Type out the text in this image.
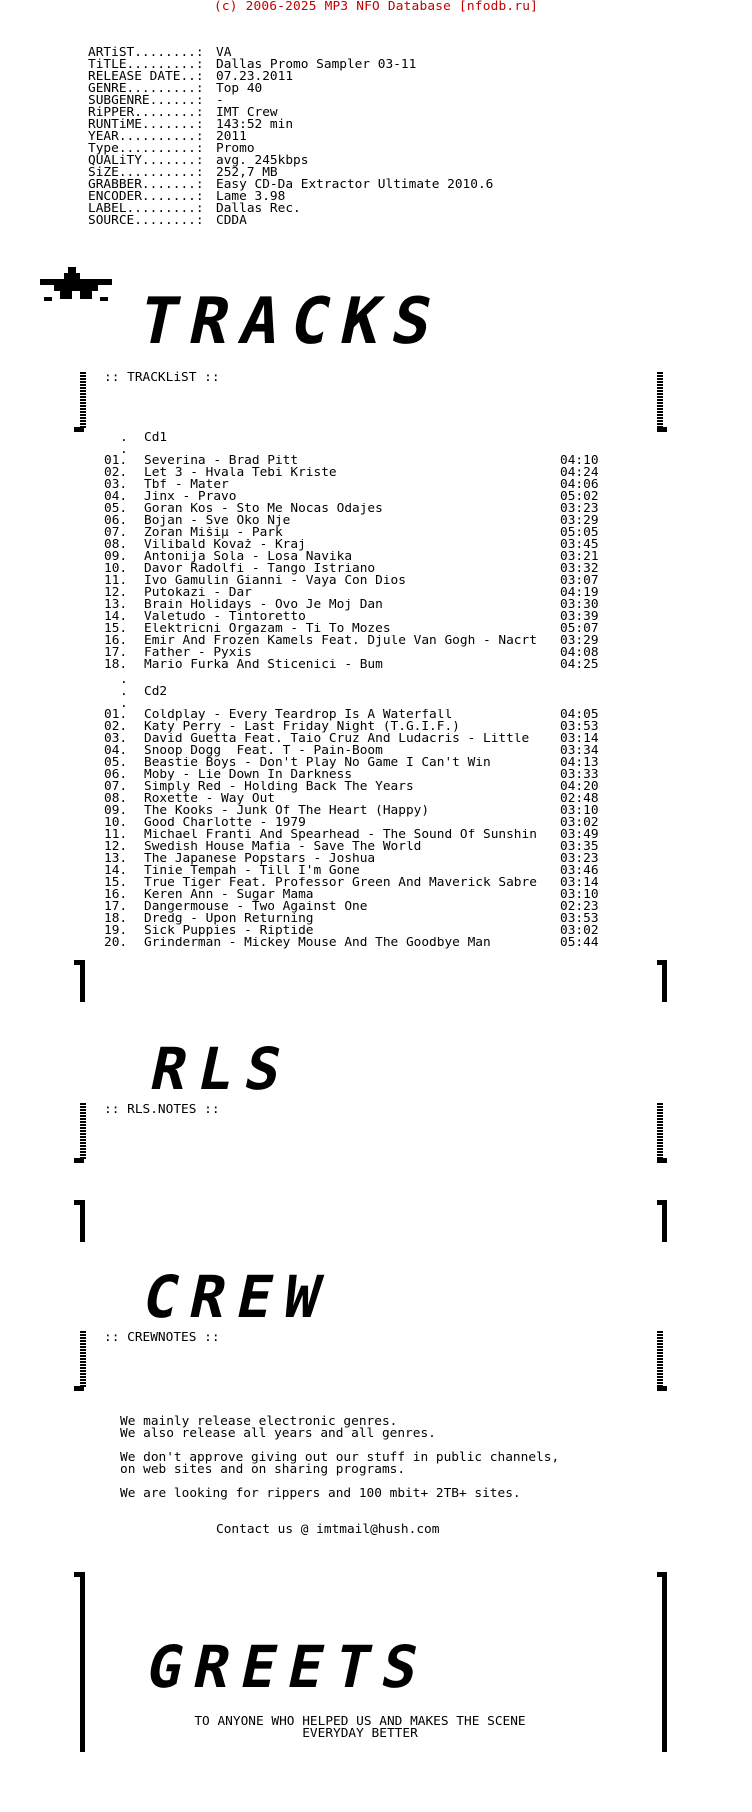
(c) 2006-2025 MP3 NFO Database [nfodb.ru]
ARTiST........: VA
TiTLE.........: Dallas Promo Sampler 03-11
RELEASE DATE..: 07.23.2011
GENRE.........: Top 40
SUBGENRE......: -
RiPPER........: IMT Crew
RUNTiME.......: 143:52 min
YEAR..........: 2011
Type..........: Promo
QUALiTY.......: avg. 245kbps
SiZE..........: 252,7 MB
GRABBER.......: Easy CD-Da Extractor Ultimate 2010.6
ENCODER.......: Lame 3.98
LABEL.........: Dallas Rec.
SOURCE........: CDDA
TRACKS
:: TRACKLiST ::
. Cd1
.
01.	Severina - Brad Pitt	04:10
02.	Let 3 - Hvala Tebi Kriste	04:24
03.	Tbf - Mater	04:06
04.	Jinx - Pravo	05:02
05.	Goran Kos - Sto Me Nocas Odajes	03:23
06.	Bojan - Sve Oko Nje	03:29
07.	Zoran Mišiµ - Park	05:05
08.	Vilibald Kovaž - Kraj	03:45
09.	Antonija Sola - Losa Navika	03:21
10.	Davor Radolfi - Tango Istriano	03:32
11.	Ivo Gamulin Gianni - Vaya Con Dios	03:07
12.	Putokazi - Dar	04:19
13.	Brain Holidays - Ovo Je Moj Dan	03:30
14.	Valetudo - Tintoretto	03:39
15.	Elektricni Orgazam - Ti To Mozes	05:07
16.	Emir And Frozen Kamels Feat. Djule Van Gogh - Nacrt	03:29
17.	Father - Pyxis	04:08
18.	Mario Furka And Sticenici - Bum	04:25
.
. Cd2
.
01.	Coldplay - Every Teardrop Is A Waterfall	04:05
02.	Katy Perry - Last Friday Night (T.G.I.F.)	03:53
03.	David Guetta Feat. Taio Cruz And Ludacris - Little	03:14
04.	Snoop Dogg  Feat. T - Pain-Boom	03:34
05.	Beastie Boys - Don't Play No Game I Can't Win	04:13
06.	Moby - Lie Down In Darkness	03:33
07.	Simply Red - Holding Back The Years	04:20
08.	Roxette - Way Out	02:48
09.	The Kooks - Junk Of The Heart (Happy)	03:10
10.	Good Charlotte - 1979	03:02
11.	Michael Franti And Spearhead - The Sound Of Sunshin	03:49
12.	Swedish House Mafia - Save The World	03:35
13.	The Japanese Popstars - Joshua	03:23
14.	Tinie Tempah - Till I'm Gone	03:46
15.	True Tiger Feat. Professor Green And Maverick Sabre	03:14
16.	Keren Ann - Sugar Mama	03:10
17.	Dangermouse - Two Against One	02:23
18.	Dredg - Upon Returning	03:53
19.	Sick Puppies - Riptide	03:02
20.	Grinderman - Mickey Mouse And The Goodbye Man	05:44
RLS
:: RLS.NOTES ::
CREW
:: CREWNOTES ::
We mainly release electronic genres.
We also release all years and all genres.
We don't approve giving out our stuff in public channels,
on web sites and on sharing programs.
We are looking for rippers and 100 mbit+ 2TB+ sites.
Contact us @ imtmail@hush.com
GREETS
TO ANYONE WHO HELPED US AND MAKES THE SCENE
EVERYDAY BETTER
